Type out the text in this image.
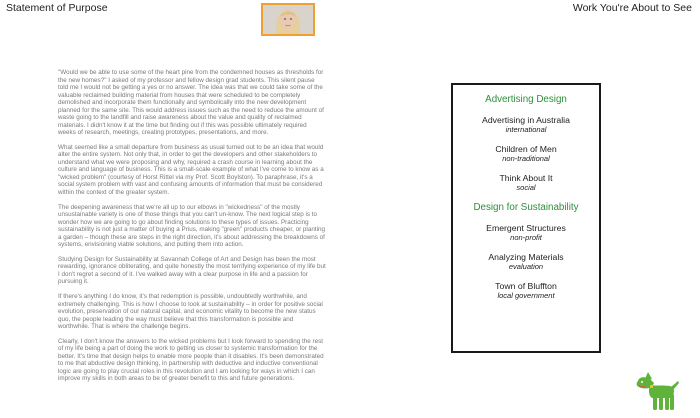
Statement of Purpose	Work You're About to See

"Would we be able to use some of the heart pine from the condemned houses as thresholds for the new homes?" I asked of my professor and fellow design grad students. This silent pause told me I would not be getting a yes or no answer. The idea was that we could take some of the valuable reclaimed building material from houses that were scheduled to be completely demolished and incorporate them functionally and symbolically into the new development planned for the same site. This would address issues such as the need to reduce the amount of waste going to the landfill and raise awareness about the value and quality of reclaimed materials. I didn't know it at the time but finding out if this was possible ultimately required weeks of research, meetings, creating prototypes, presentations, and more.

What seemed like a small departure from business as usual turned out to be an idea that would alter the entire system. Not only that, in order to get the developers and other stakeholders to understand what we were proposing and why, required a crash course in learning about the culture and language of business. This is a small-scale example of what I've come to know as a "wicked problem" (courtesy of Horst Rittel via my Prof. Scott Boylston). To paraphrase, it's a social system problem with vast and confusing amounts of information that must be considered within the context of the greater system.

The deepening awareness that we're all up to our elbows in "wickedness" of the mostly unsustainable variety is one of those things that you can't un-know. The next logical step is to wonder how we are going to go about finding solutions to these types of issues. Practicing sustainability is not just a matter of buying a Prius, making "green" products cheaper, or planting a garden – though these are steps in the right direction, it's about addressing the breakdowns of systems, envisioning viable solutions, and putting them into action.

Studying Design for Sustainability at Savannah College of Art and Design has been the most rewarding, ignorance obliterating, and quite honestly the most terrifying experience of my life but I don't regret a second of it. I've walked away with a clear purpose in life and a passion for pursuing it.

If there's anything I do know, it's that redemption is possible, undoubtedly worthwhile, and extremely challenging. This is how I choose to look at sustainability – in order for positive social evolution, preservation of our natural capital, and economic vitality to become the new status quo, the people leading the way must believe that this transformation is possible and worthwhile. That is where the challenge begins.

Clearly, I don't know the answers to the wicked problems but I look forward to spending the rest of my life being a part of doing the work to getting us closer to systemic transformation for the better. It's time that design helps to enable more people than it disables. It's been demonstrated to me that abductive design thinking, in partnership with deductive and inductive conventional logic are going to play crucial roles in this revolution and I am looking for ways in which I can improve my skills in both areas to be of greater benefit to this and future generations.

Advertising Design
Advertising in Australia
international
Children of Men
non-traditional
Think About It
social
Design for Sustainability
Emergent Structures
non-profit
Analyzing Materials
evaluation
Town of Bluffton
local government
